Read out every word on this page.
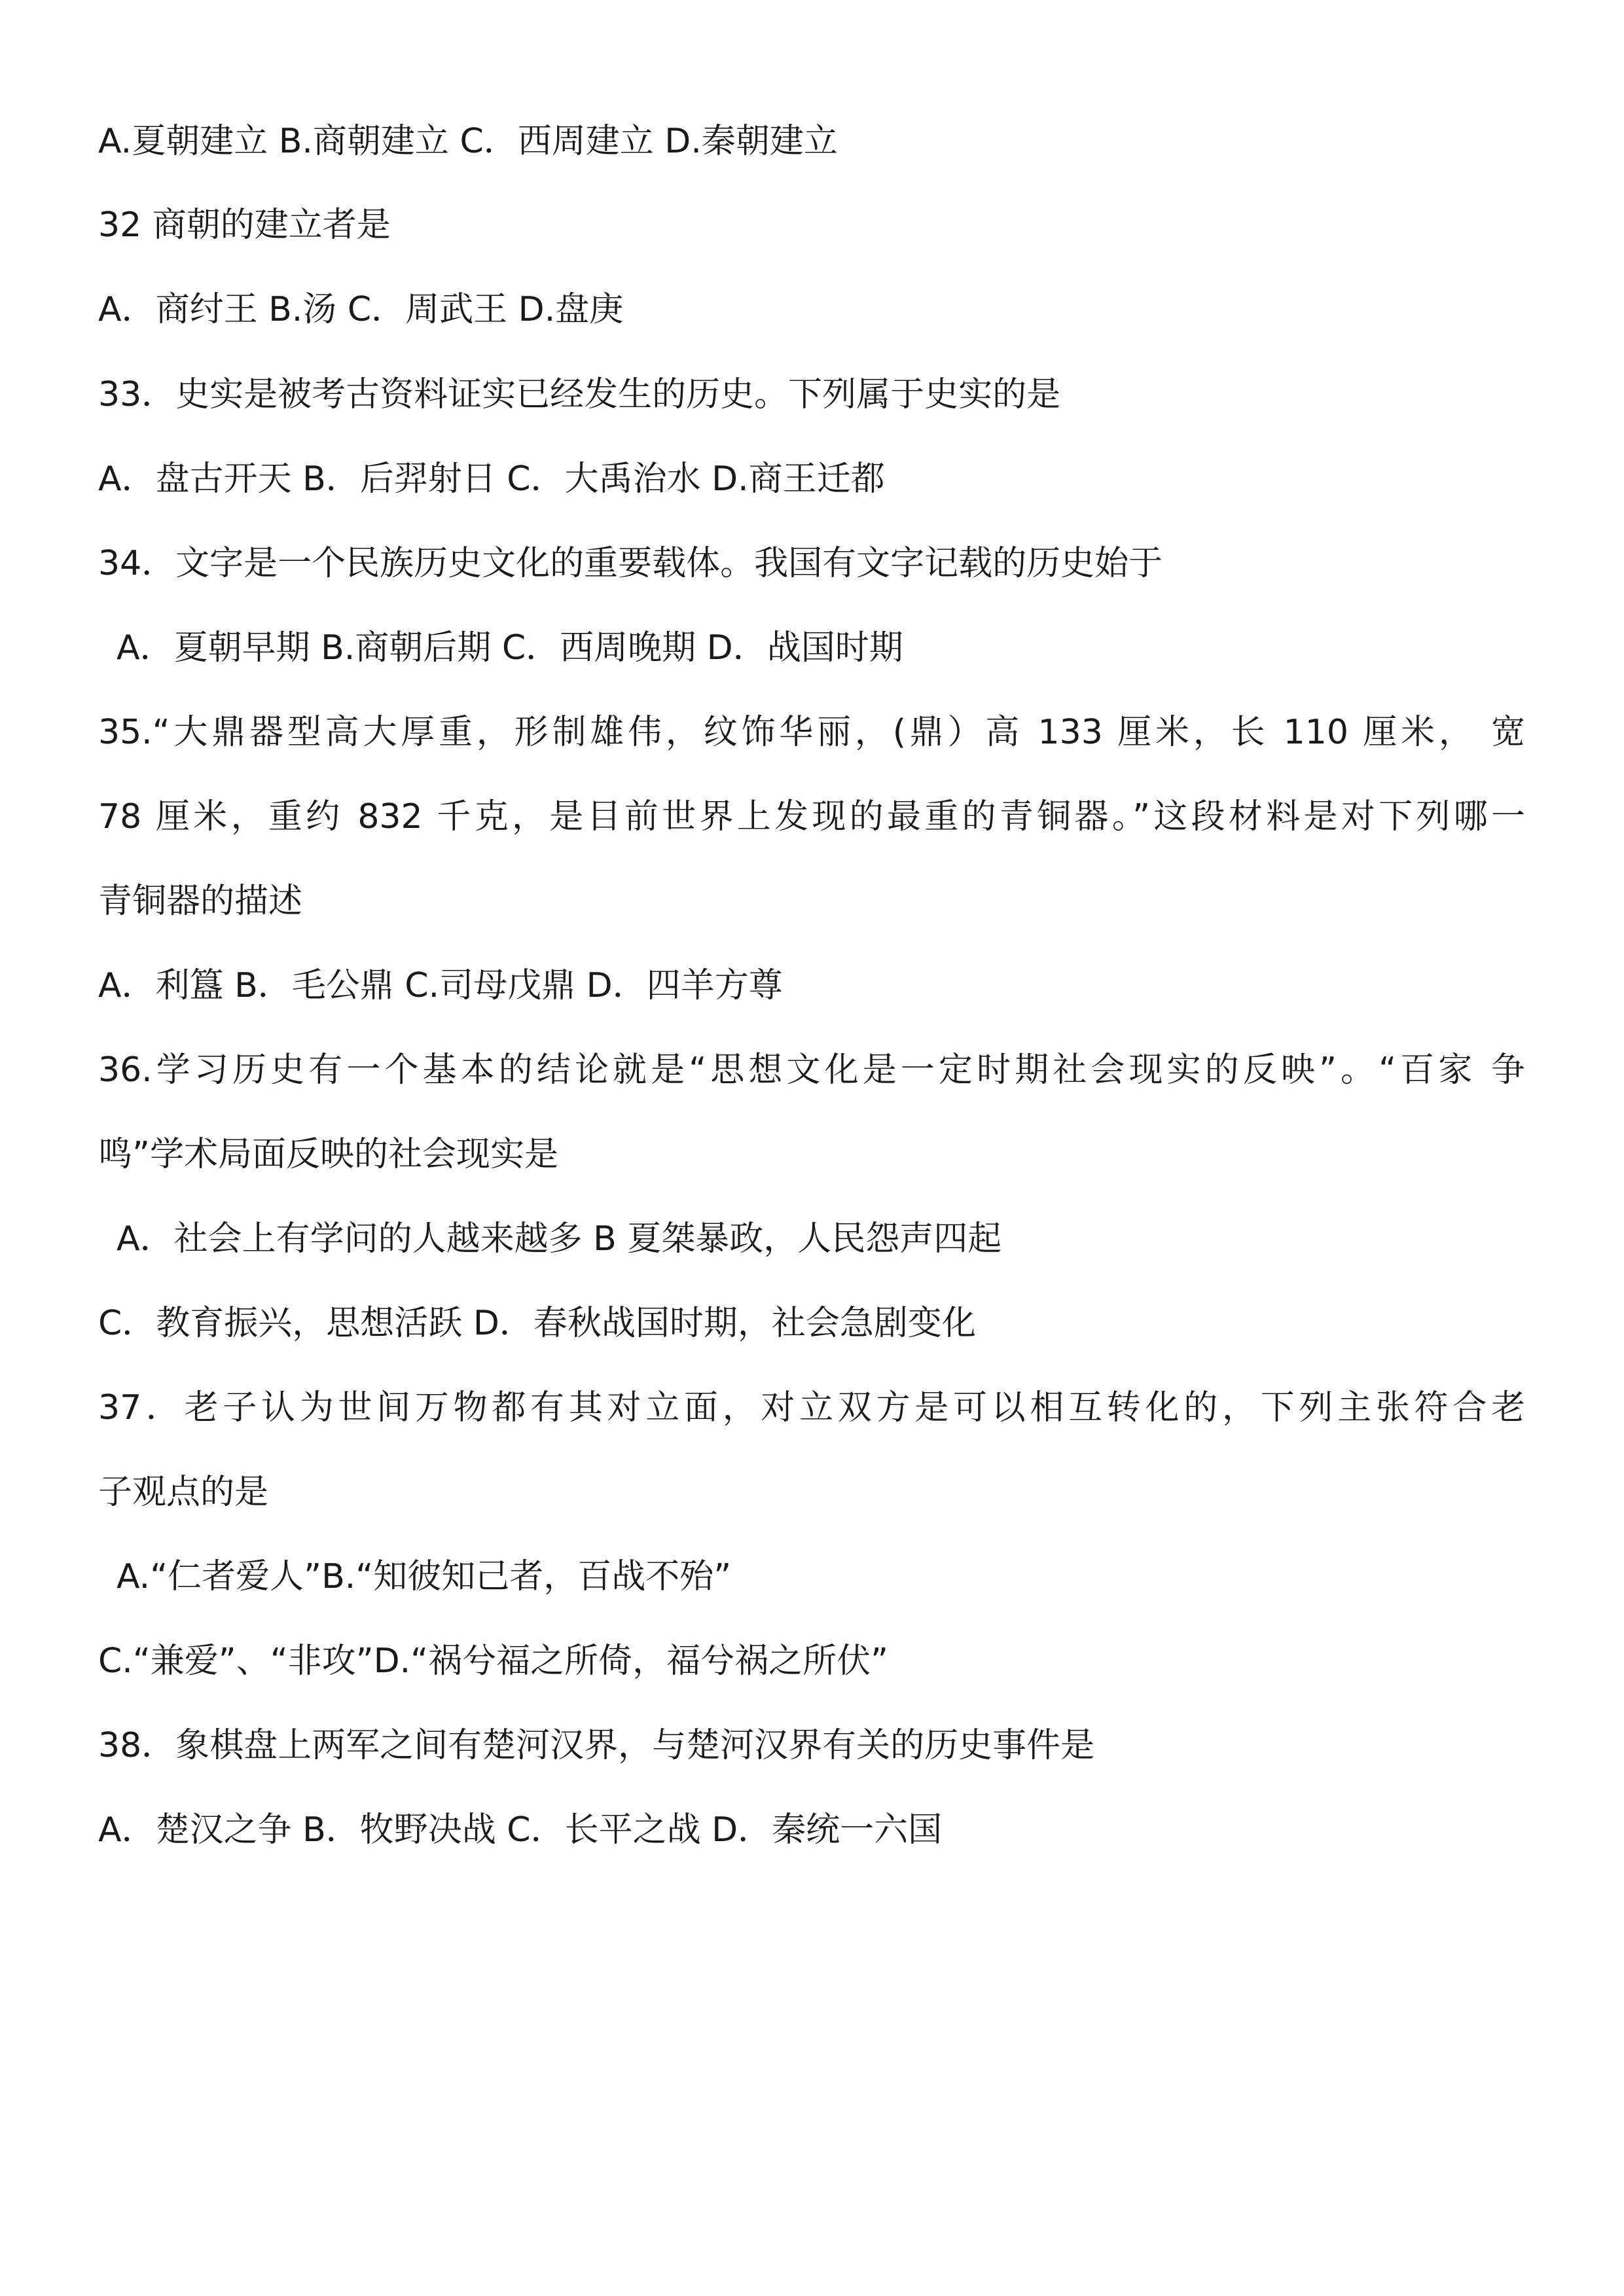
A.夏朝建立 B.商朝建立 C．西周建立 D.秦朝建立
32 商朝的建立者是
A．商纣王 B.汤 C．周武王 D.盘庚
33．史实是被考古资料证实已经发生的历史。下列属于史实的是
A．盘古开天 B．后羿射日 C．大禹治水 D.商王迁都
34．文字是一个民族历史文化的重要载体。我国有文字记载的历史始于
A．夏朝早期 B.商朝后期 C．西周晚期 D．战国时期
35.“大鼎器型高大厚重，形制雄伟，纹饰华丽，(鼎）高 133 厘米，长 110 厘米， 宽
78 厘米，重约 832 千克，是目前世界上发现的最重的青铜器。”这段材料是对下列哪一
青铜器的描述
A．利簋 B．毛公鼎 C.司母戊鼎 D．四羊方尊
36.学习历史有一个基本的结论就是“思想文化是一定时期社会现实的反映”。“百家 争
鸣”学术局面反映的社会现实是
A．社会上有学问的人越来越多 B 夏桀暴政，人民怨声四起
C．教育振兴，思想活跃 D．春秋战国时期，社会急剧变化
37．老子认为世间万物都有其对立面，对立双方是可以相互转化的，下列主张符合老
子观点的是
A.“仁者爱人”B.“知彼知己者，百战不殆”
C.“兼爱”、“非攻”D.“祸兮福之所倚，福兮祸之所伏”
38．象棋盘上两军之间有楚河汉界，与楚河汉界有关的历史事件是
A．楚汉之争 B．牧野决战 C．长平之战 D．秦统一六国
